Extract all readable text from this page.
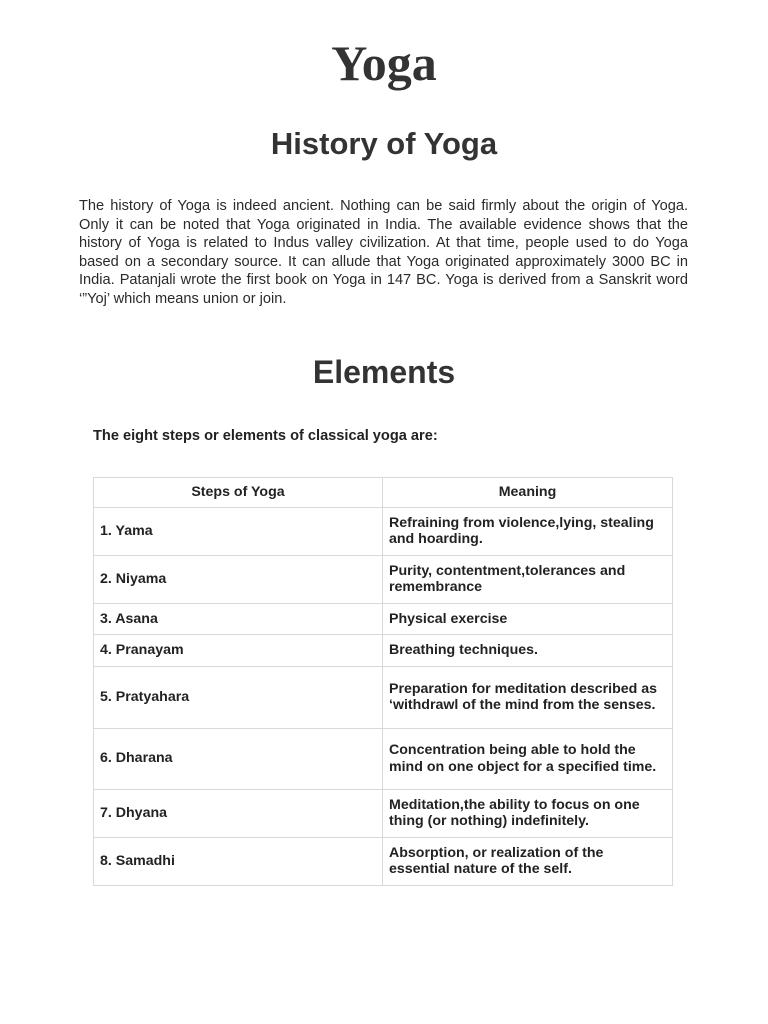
Yoga
History of Yoga

The history of Yoga is indeed ancient. Nothing can be said firmly about the origin of Yoga. Only it can be noted that Yoga originated in India. The available evidence shows that the history of Yoga is related to Indus valley civilization. At that time, people used to do Yoga based on a secondary source. It can allude that Yoga originated approximately 3000 BC in India. Patanjali wrote the first book on Yoga in 147 BC. Yoga is derived from a Sanskrit word ‘”Yoj’ which means union or join.

Elements

The eight steps or elements of classical yoga are:

Steps of Yoga	Meaning
1. Yama	Refraining from violence,lying, stealing and hoarding.
2. Niyama	Purity, contentment,tolerances and remembrance
3. Asana	Physical exercise
4. Pranayam	Breathing techniques.
5. Pratyahara	Preparation for meditation described as ‘withdrawl of the mind from the senses.
6. Dharana	Concentration being able to hold the mind on one object for a specified time.
7. Dhyana	Meditation,the ability to focus on one thing (or nothing) indefinitely.
8. Samadhi	Absorption, or realization of the essential nature of the self.
